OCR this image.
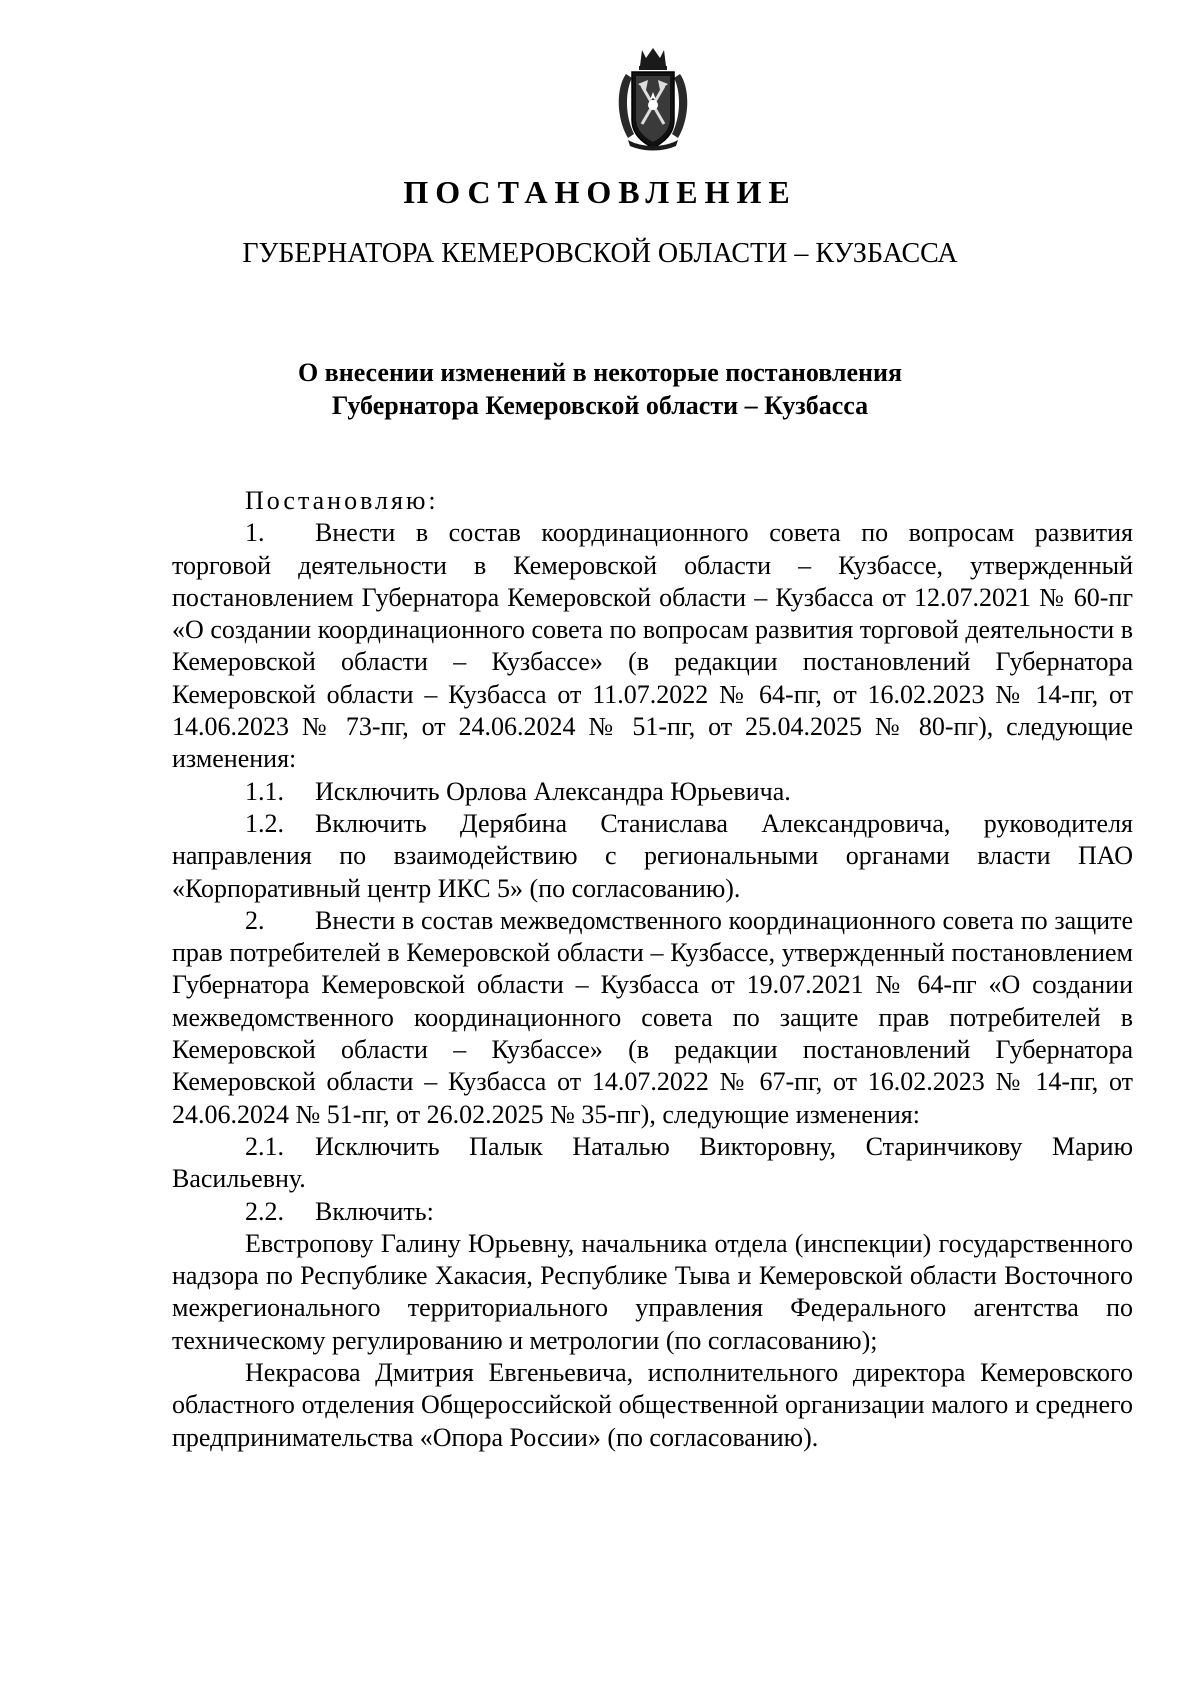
ПОСТАНОВЛЕНИЕ
ГУБЕРНАТОРА КЕМЕРОВСКОЙ ОБЛАСТИ – КУЗБАССА
О внесении изменений в некоторые постановления
Губернатора Кемеровской области – Кузбасса

Постановляю:

1. Внести в состав координационного совета по вопросам развития торговой деятельности в Кемеровской области – Кузбассе, утвержденный постановлением Губернатора Кемеровской области – Кузбасса от 12.07.2021 № 60-пг «О создании координационного совета по вопросам развития торговой деятельности в Кемеровской области – Кузбассе» (в редакции постановлений Губернатора Кемеровской области – Кузбасса от 11.07.2022 № 64-пг, от 16.02.2023 № 14-пг, от 14.06.2023 № 73-пг, от 24.06.2024 № 51-пг, от 25.04.2025 № 80-пг), следующие изменения:

1.1. Исключить Орлова Александра Юрьевича.

1.2. Включить Дерябина Станислава Александровича, руководителя направления по взаимодействию с региональными органами власти ПАО «Корпоративный центр ИКС 5» (по согласованию).

2. Внести в состав межведомственного координационного совета по защите прав потребителей в Кемеровской области – Кузбассе, утвержденный постановлением Губернатора Кемеровской области – Кузбасса от 19.07.2021 № 64-пг «О создании межведомственного координационного совета по защите прав потребителей в Кемеровской области – Кузбассе» (в редакции постановлений Губернатора Кемеровской области – Кузбасса от 14.07.2022 № 67-пг, от 16.02.2023 № 14-пг, от 24.06.2024 № 51-пг, от 26.02.2025 № 35-пг), следующие изменения:

2.1. Исключить Палык Наталью Викторовну, Старинчикову Марию Васильевну.

2.2. Включить:

Евстропову Галину Юрьевну, начальника отдела (инспекции) государственного надзора по Республике Хакасия, Республике Тыва и Кемеровской области Восточного межрегионального территориального управления Федерального агентства по техническому регулированию и метрологии (по согласованию);

Некрасова Дмитрия Евгеньевича, исполнительного директора Кемеровского областного отделения Общероссийской общественной организации малого и среднего предпринимательства «Опора России» (по согласованию).
